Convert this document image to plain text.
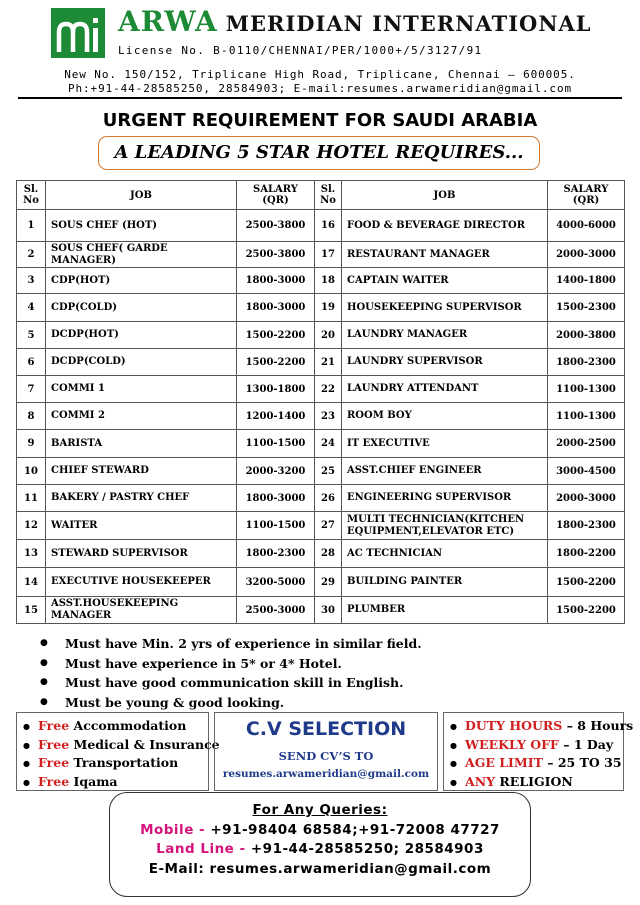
ARWA MERIDIAN INTERNATIONAL
License No. B-0110/CHENNAI/PER/1000+/5/3127/91
New No. 150/152, Triplicane High Road, Triplicane, Chennai – 600005.
Ph:+91-44-28585250, 28584903; E-mail:resumes.arwameridian@gmail.com
URGENT REQUIREMENT FOR SAUDI ARABIA
A LEADING 5 STAR HOTEL REQUIRES...
Sl. No	JOB	SALARY (QR)	Sl. No	JOB	SALARY (QR)
1	SOUS CHEF (HOT)	2500-3800	16	FOOD & BEVERAGE DIRECTOR	4000-6000
2	SOUS CHEF( GARDE MANAGER)	2500-3800	17	RESTAURANT MANAGER	2000-3000
3	CDP(HOT)	1800-3000	18	CAPTAIN WAITER	1400-1800
4	CDP(COLD)	1800-3000	19	HOUSEKEEPING SUPERVISOR	1500-2300
5	DCDP(HOT)	1500-2200	20	LAUNDRY MANAGER	2000-3800
6	DCDP(COLD)	1500-2200	21	LAUNDRY SUPERVISOR	1800-2300
7	COMMI 1	1300-1800	22	LAUNDRY ATTENDANT	1100-1300
8	COMMI 2	1200-1400	23	ROOM BOY	1100-1300
9	BARISTA	1100-1500	24	IT EXECUTIVE	2000-2500
10	CHIEF STEWARD	2000-3200	25	ASST.CHIEF ENGINEER	3000-4500
11	BAKERY / PASTRY CHEF	1800-3000	26	ENGINEERING SUPERVISOR	2000-3000
12	WAITER	1100-1500	27	MULTI TECHNICIAN(KITCHEN EQUIPMENT,ELEVATOR ETC)	1800-2300
13	STEWARD SUPERVISOR	1800-2300	28	AC TECHNICIAN	1800-2200
14	EXECUTIVE HOUSEKEEPER	3200-5000	29	BUILDING PAINTER	1500-2200
15	ASST.HOUSEKEEPING MANAGER	2500-3000	30	PLUMBER	1500-2200
● Must have Min. 2 yrs of experience in similar field.
● Must have experience in 5* or 4* Hotel.
● Must have good communication skill in English.
● Must be young & good looking.
● Free Accommodation
● Free Medical & Insurance
● Free Transportation
● Free Iqama
C.V SELECTION
SEND CV’S TO
resumes.arwameridian@gmail.com
● DUTY HOURS – 8 Hours
● WEEKLY OFF – 1 Day
● AGE LIMIT – 25 TO 35
● ANY RELIGION
For Any Queries:
Mobile - +91-98404 68584;+91-72008 47727
Land Line - +91-44-28585250; 28584903
E-Mail: resumes.arwameridian@gmail.com
